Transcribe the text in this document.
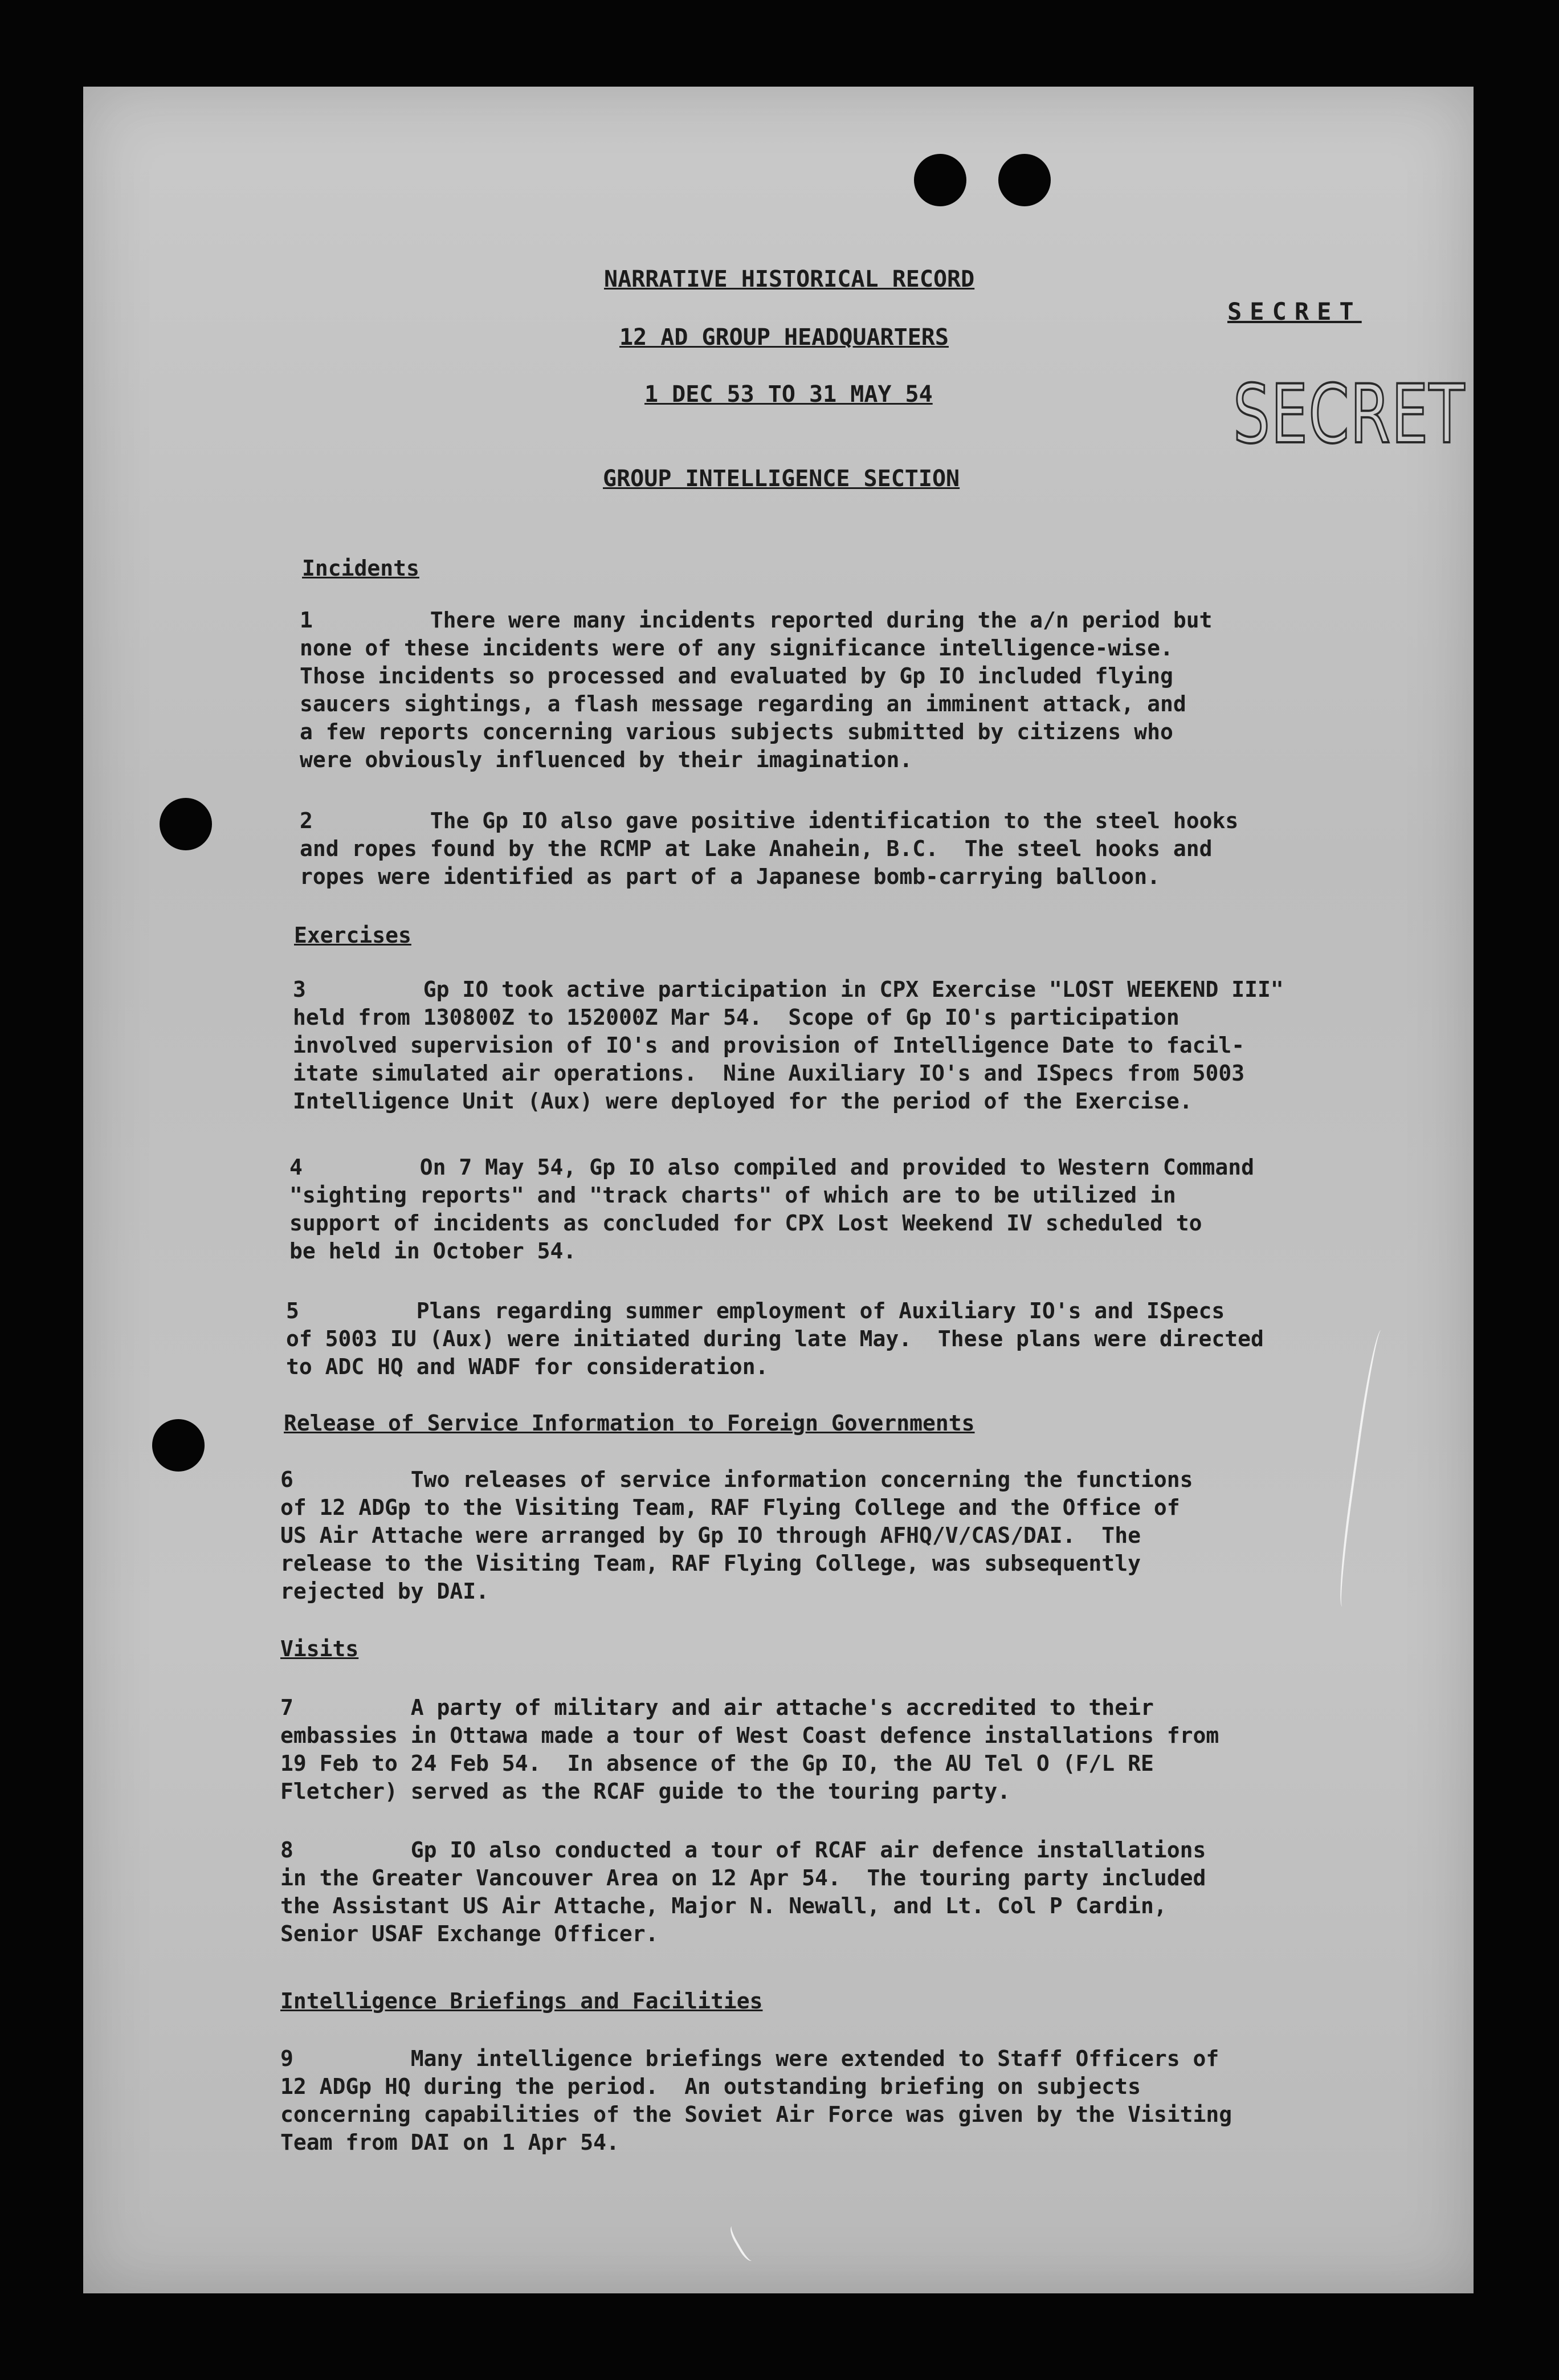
SECRET
SECRET
NARRATIVE HISTORICAL RECORD
12 AD GROUP HEADQUARTERS
1 DEC 53 TO 31 MAY 54
GROUP INTELLIGENCE SECTION
Incidents
1         There were many incidents reported during the a/n period but
none of these incidents were of any significance intelligence-wise.
Those incidents so processed and evaluated by Gp IO included flying
saucers sightings, a flash message regarding an imminent attack, and
a few reports concerning various subjects submitted by citizens who
were obviously influenced by their imagination.
2         The Gp IO also gave positive identification to the steel hooks
and ropes found by the RCMP at Lake Anahein, B.C.  The steel hooks and
ropes were identified as part of a Japanese bomb-carrying balloon.
Exercises
3         Gp IO took active participation in CPX Exercise "LOST WEEKEND III"
held from 130800Z to 152000Z Mar 54.  Scope of Gp IO's participation
involved supervision of IO's and provision of Intelligence Date to facil-
itate simulated air operations.  Nine Auxiliary IO's and ISpecs from 5003
Intelligence Unit (Aux) were deployed for the period of the Exercise.
4         On 7 May 54, Gp IO also compiled and provided to Western Command
"sighting reports" and "track charts" of which are to be utilized in
support of incidents as concluded for CPX Lost Weekend IV scheduled to
be held in October 54.
5         Plans regarding summer employment of Auxiliary IO's and ISpecs
of 5003 IU (Aux) were initiated during late May.  These plans were directed
to ADC HQ and WADF for consideration.
Release of Service Information to Foreign Governments
6         Two releases of service information concerning the functions
of 12 ADGp to the Visiting Team, RAF Flying College and the Office of
US Air Attache were arranged by Gp IO through AFHQ/V/CAS/DAI.  The
release to the Visiting Team, RAF Flying College, was subsequently
rejected by DAI.
Visits
7         A party of military and air attache's accredited to their
embassies in Ottawa made a tour of West Coast defence installations from
19 Feb to 24 Feb 54.  In absence of the Gp IO, the AU Tel O (F/L RE
Fletcher) served as the RCAF guide to the touring party.
8         Gp IO also conducted a tour of RCAF air defence installations
in the Greater Vancouver Area on 12 Apr 54.  The touring party included
the Assistant US Air Attache, Major N. Newall, and Lt. Col P Cardin,
Senior USAF Exchange Officer.
Intelligence Briefings and Facilities
9         Many intelligence briefings were extended to Staff Officers of
12 ADGp HQ during the period.  An outstanding briefing on subjects
concerning capabilities of the Soviet Air Force was given by the Visiting
Team from DAI on 1 Apr 54.
